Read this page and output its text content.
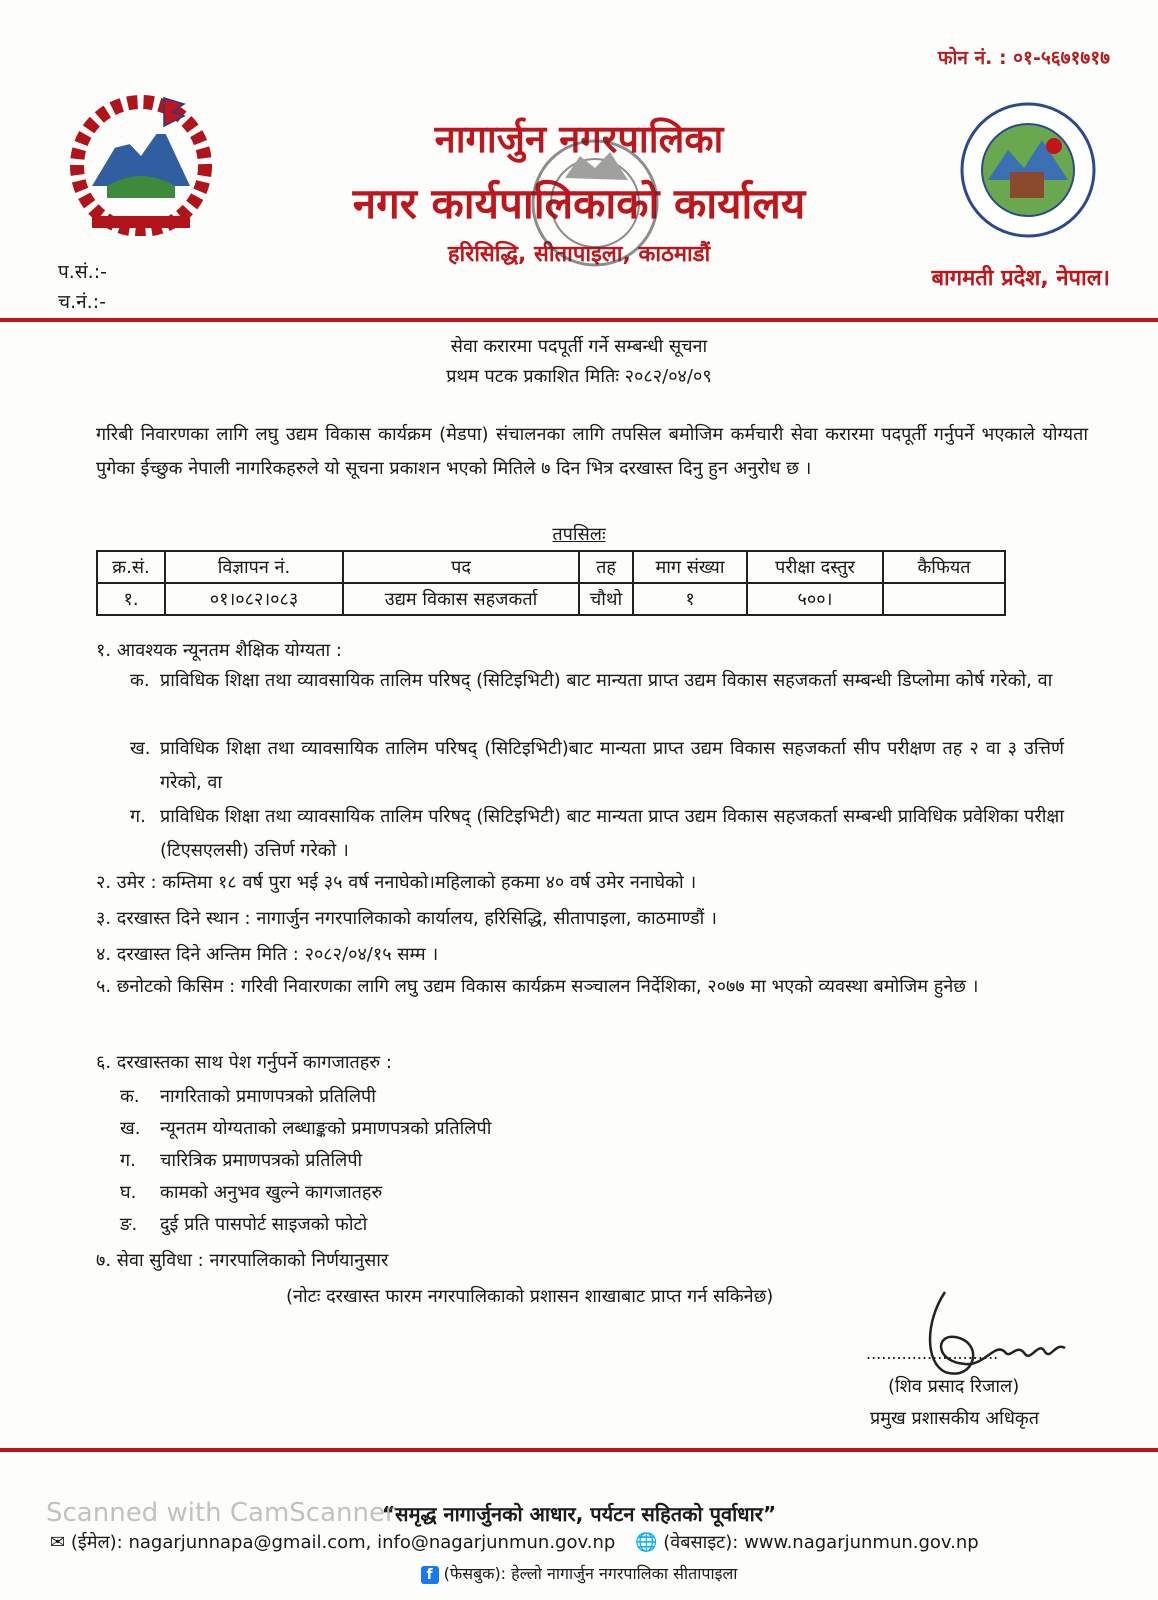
फोन नं. : ०१-५६७१७१७
नागार्जुन नगरपालिका
नगर कार्यपालिकाको कार्यालय
हरिसिद्धि, सीतापाइला, काठमाडौं
प.सं.:-
च.नं.:-
बागमती प्रदेश, नेपाल।
सेवा करारमा पदपूर्ती गर्ने सम्बन्धी सूचना
प्रथम पटक प्रकाशित मितिः २०८२/०४/०९
गरिबी निवारणका लागि लघु उद्यम विकास कार्यक्रम (मेडपा) संचालनका लागि तपसिल बमोजिम कर्मचारी सेवा करारमा पदपूर्ती गर्नुपर्ने भएकाले योग्यता पुगेका ईच्छुक नेपाली नागरिकहरुले यो सूचना प्रकाशन भएको मितिले ७ दिन भित्र दरखास्त दिनु हुन अनुरोध छ ।
तपसिलः
क्र.सं.	विज्ञापन नं.	पद	तह	माग संख्या	परीक्षा दस्तुर	कैफियत
१.	०१।०८२।०८३	उद्यम विकास सहजकर्ता	चौथो	१	५००।	
१. आवश्यक न्यूनतम शैक्षिक योग्यता :
क. प्राविधिक शिक्षा तथा व्यावसायिक तालिम परिषद् (सिटिइभिटी) बाट मान्यता प्राप्त उद्यम विकास सहजकर्ता सम्बन्धी डिप्लोमा कोर्ष गरेको, वा
ख. प्राविधिक शिक्षा तथा व्यावसायिक तालिम परिषद् (सिटिइभिटी)बाट मान्यता प्राप्त उद्यम विकास सहजकर्ता सीप परीक्षण तह २ वा ३ उत्तिर्ण गरेको, वा
ग. प्राविधिक शिक्षा तथा व्यावसायिक तालिम परिषद् (सिटिइभिटी) बाट मान्यता प्राप्त उद्यम विकास सहजकर्ता सम्बन्धी प्राविधिक प्रवेशिका परीक्षा (टिएसएलसी) उत्तिर्ण गरेको ।
२. उमेर : कम्तिमा १८ वर्ष पुरा भई ३५ वर्ष ननाघेको।महिलाको हकमा ४० वर्ष उमेर ननाघेको ।
३. दरखास्त दिने स्थान : नागार्जुन नगरपालिकाको कार्यालय, हरिसिद्धि, सीतापाइला, काठमाण्डौं ।
४. दरखास्त दिने अन्तिम मिति : २०८२/०४/१५ सम्म ।
५. छनोटको किसिम : गरिवी निवारणका लागि लघु उद्यम विकास कार्यक्रम सञ्चालन निर्देशिका, २०७७ मा भएको व्यवस्था बमोजिम हुनेछ ।
६. दरखास्तका साथ पेश गर्नुपर्ने कागजातहरु :
क. नागरिताको प्रमाणपत्रको प्रतिलिपी
ख. न्यूनतम योग्यताको लब्धाङ्कको प्रमाणपत्रको प्रतिलिपी
ग. चारित्रिक प्रमाणपत्रको प्रतिलिपी
घ. कामको अनुभव खुल्ने कागजातहरु
ङ. दुई प्रति पासपोर्ट साइजको फोटो
७. सेवा सुविधा : नगरपालिकाको निर्णयानुसार
(नोटः दरखास्त फारम नगरपालिकाको प्रशासन शाखाबाट प्राप्त गर्न सकिनेछ)
..........................
(शिव प्रसाद रिजाल)
प्रमुख प्रशासकीय अधिकृत
“समृद्ध नागार्जुनको आधार, पर्यटन सहितको पूर्वाधार”
Scanned with CamScanner
✉ (ईमेल): nagarjunnapa@gmail.com, info@nagarjunmun.gov.np 🌐 (वेबसाइट): www.nagarjunmun.gov.np
f (फेसबुक): हेल्लो नागार्जुन नगरपालिका सीतापाइला
